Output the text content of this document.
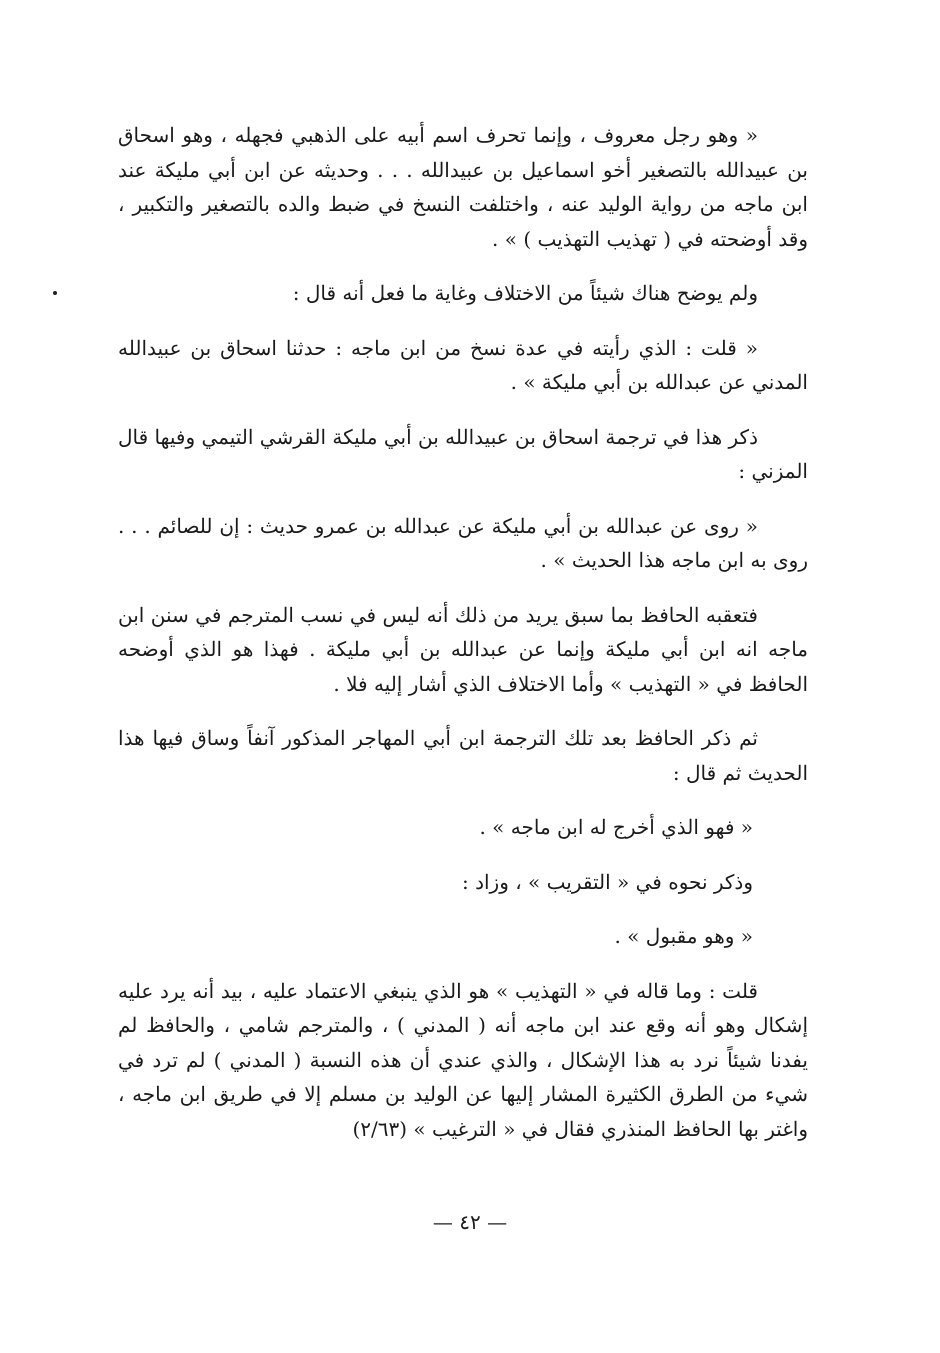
« وهو رجل معروف ، وإنما تحرف اسم أبيه على الذهبي فجهله ، وهو اسحاق بن عبيدالله بالتصغير أخو اسماعيل بن عبيدالله . . . وحديثه عن ابن أبي مليكة عند ابن ماجه من رواية الوليد عنه ، واختلفت النسخ في ضبط والده بالتصغير والتكبير ، وقد أوضحته في ( تهذيب التهذيب ) » .

ولم يوضح هناك شيئاً من الاختلاف وغاية ما فعل أنه قال :

« قلت : الذي رأيته في عدة نسخ من ابن ماجه : حدثنا اسحاق بن عبيدالله المدني عن عبدالله بن أبي مليكة » .

ذكر هذا في ترجمة اسحاق بن عبيدالله بن أبي مليكة القرشي التيمي وفيها قال المزني :

« روى عن عبدالله بن أبي مليكة عن عبدالله بن عمرو حديث : إن للصائم . . . روى به ابن ماجه هذا الحديث » .

فتعقبه الحافظ بما سبق يريد من ذلك أنه ليس في نسب المترجم في سنن ابن ماجه انه ابن أبي مليكة وإنما عن عبدالله بن أبي مليكة . فهذا هو الذي أوضحه الحافظ في « التهذيب » وأما الاختلاف الذي أشار إليه فلا .

ثم ذكر الحافظ بعد تلك الترجمة ابن أبي المهاجر المذكور آنفاً وساق فيها هذا الحديث ثم قال :

« فهو الذي أخرج له ابن ماجه » .

وذكر نحوه في « التقريب » ، وزاد :

« وهو مقبول » .

قلت : وما قاله في « التهذيب » هو الذي ينبغي الاعتماد عليه ، بيد أنه يرد عليه إشكال وهو أنه وقع عند ابن ماجه أنه ( المدني ) ، والمترجم شامي ، والحافظ لم يفدنا شيئاً نرد به هذا الإشكال ، والذي عندي أن هذه النسبة ( المدني ) لم ترد في شيء من الطرق الكثيرة المشار إليها عن الوليد بن مسلم إلا في طريق ابن ماجه ، واغتر بها الحافظ المنذري فقال في « الترغيب » (٢/٦٣)

— ٤٢ —
